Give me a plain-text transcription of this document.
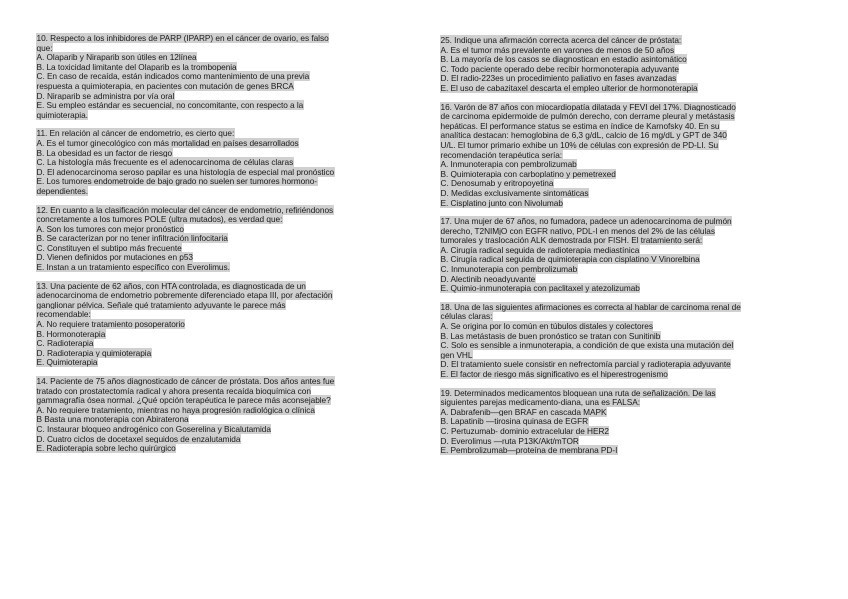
10. Respecto a los inhibidores de PARP (IPARP) en el cáncer de ovario, es falso
que:
A. Olaparib y Niraparib son útiles en 12línea
B. La toxicidad limitante del Olaparib es la trombopenia
C. En caso de recaída, están indicados como mantenimiento de una previa
respuesta a quimioterapia, en pacientes con mutación de genes BRCA
D. Niraparib se administra por vía oral
E. Su empleo estándar es secuencial, no concomitante, con respecto a la
quimioterapia.
11. En relación al cáncer de endometrio, es cierto que:
A. Es el tumor ginecológico con más mortalidad en países desarrollados
B. La obesidad es un factor de riesgo
C. La histología más frecuente es el adenocarcinoma de células claras
D. El adenocarcinoma seroso papilar es una histología de especial mal pronóstico
E. Los tumores endometroide de bajo grado no suelen ser tumores hormono-
dependientes.
12. En cuanto a la clasificación molecular del cáncer de endometrio, refiriéndonos
concretamente a los tumores POLE (ultra mutados), es verdad que:
A. Son los tumores con mejor pronóstico
B. Se caracterizan por no tener infiltración linfocitaria
C. Constituyen el subtipo más frecuente
D. Vienen definidos por mutaciones en p53
E. Instan a un tratamiento específico con Everolimus.
13. Una paciente de 62 años, con HTA controlada, es diagnosticada de un
adenocarcinoma de endometrio pobremente diferenciado etapa III, por afectación
ganglionar pélvica. Señale qué tratamiento adyuvante le parece más
recomendable:
A. No requiere tratamiento posoperatorio
B. Hormonoterapia
C. Radioterapia
D. Radioterapia y quimioterapia
E. Quimioterapia
14. Paciente de 75 años diagnosticado de cáncer de próstata. Dos años antes fue
tratado con prostatectomía radical y ahora presenta recaída bioquímica con
gammagrafía ósea normal. ¿Qué opción terapéutica le parece más aconsejable?
A. No requiere tratamiento, mientras no haya progresión radiológica o clínica
B Basta una monoterapia con Abiraterona
C. Instaurar bloqueo androgénico con Goserelina y Bicalutamida
D. Cuatro ciclos de docetaxel seguidos de enzalutamida
E. Radioterapia sobre lecho quirúrgico
25. Indique una afirmación correcta acerca del cáncer de próstata:
A. Es el tumor más prevalente en varones de menos de 50 años
B. La mayoría de los casos se diagnostican en estadio asintomático
C. Todo paciente operado debe recibir hormonoterapia adyuvante
D. El radio-223es un procedimiento paliativo en fases avanzadas
E. El uso de cabazitaxel descarta el empleo ulterior de hormonoterapia
16. Varón de 87 años con miocardiopatía dilatada y FEVI del 17%. Diagnosticado
de carcinoma epidermoide de pulmón derecho, con derrame pleural y metástasis
hepáticas. El performance status se estima en índice de Karnofsky 40. En su
analítica destacan: hemoglobina de 6,3 g/dL, calcio de 16 mg/dL y GPT de 340
U/L. El tumor primario exhibe un 10% de células con expresión de PD-LI. Su
recomendación terapéutica sería:
A. Inmunoterapia con pembrolizumab
B. Quimioterapia con carboplatino y pemetrexed
C. Denosumab y eritropoyetina
D. Medidas exclusivamente sintomáticas
E. Cisplatino junto con Nivolumab
17. Una mujer de 67 años, no fumadora, padece un adenocarcinoma de pulmón
derecho, T2NIMjO con EGFR nativo, PDL-I en menos del 2% de las células
tumorales y traslocación ALK demostrada por FISH. El tratamiento será:
A. Cirugía radical seguida de radioterapia mediastínica
B. Cirugía radical seguida de quimioterapia con cisplatino V Vinorelbina
C. Inmunoterapia con pembrolizumab
D. Alectinib neoadyuvante
E. Quimio-inmunoterapia con paclitaxel y atezolizumab
18. Una de las siguientes afirmaciones es correcta al hablar de carcinoma renal de
células claras:
A. Se origina por lo común en túbulos distales y colectores
B. Las metástasis de buen pronóstico se tratan con Sunitinib
C. Solo es sensible a inmunoterapia, a condición de que exista una mutación del
gen VHL
D. El tratamiento suele consistir en nefrectomía parcial y radioterapia adyuvante
E. El factor de riesgo más significativo es el hiperestrogenismo
19. Determinados medicamentos bloquean una ruta de señalización. De las
siguientes parejas medicamento-diana, una es FALSA:
A. Dabrafenib—gen BRAF en cascada MAPK
B. Lapatinib —tirosina quinasa de EGFR
C. Pertuzumab- dominio extracelular de HER2
D. Everolimus —ruta P13K/Akt/mTOR
E. Pembrolizumab—proteína de membrana PD-I
